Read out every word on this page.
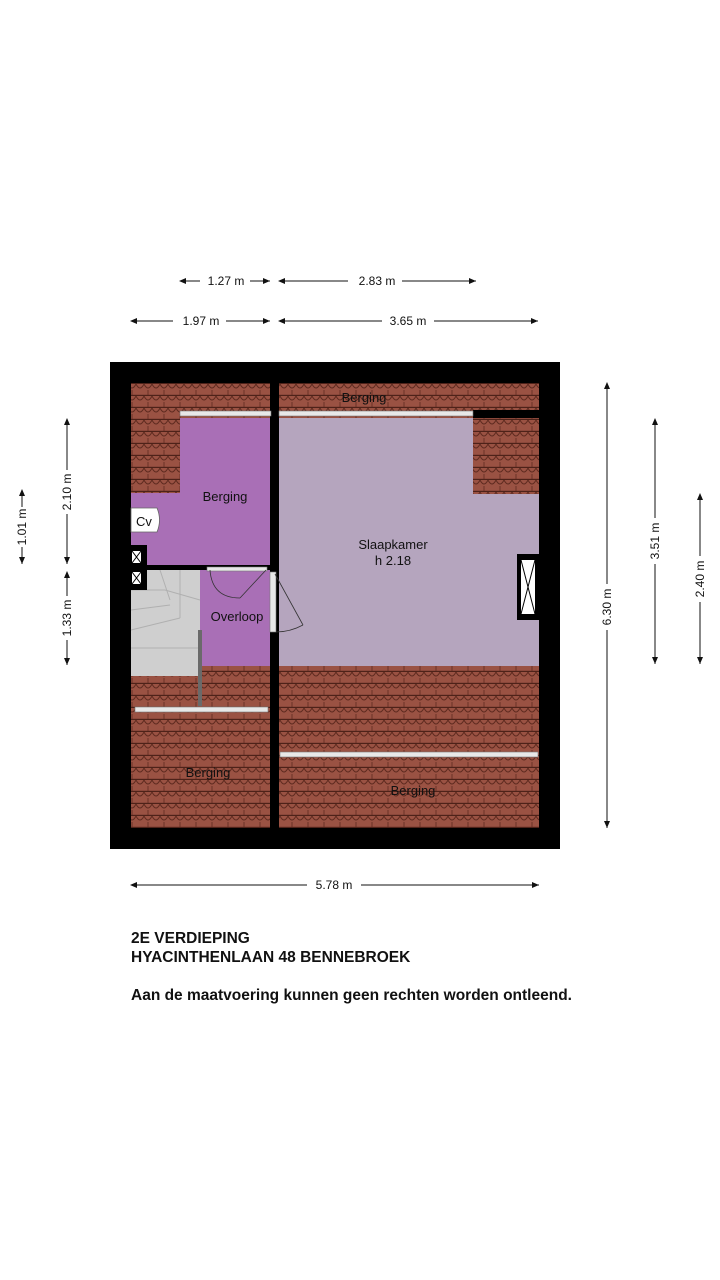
1.27 m	2.83 m
1.97 m	3.65 m
1.01 m
2.10 m
1.33 m	6.30 m
3.51 m
2.40 m
Berging
Berging
Cv
Slaapkamer
h 2.18
Overloop
Berging
Berging
5.78 m
2E VERDIEPING
HYACINTHENLAAN 48 BENNEBROEK
Aan de maatvoering kunnen geen rechten worden ontleend.
